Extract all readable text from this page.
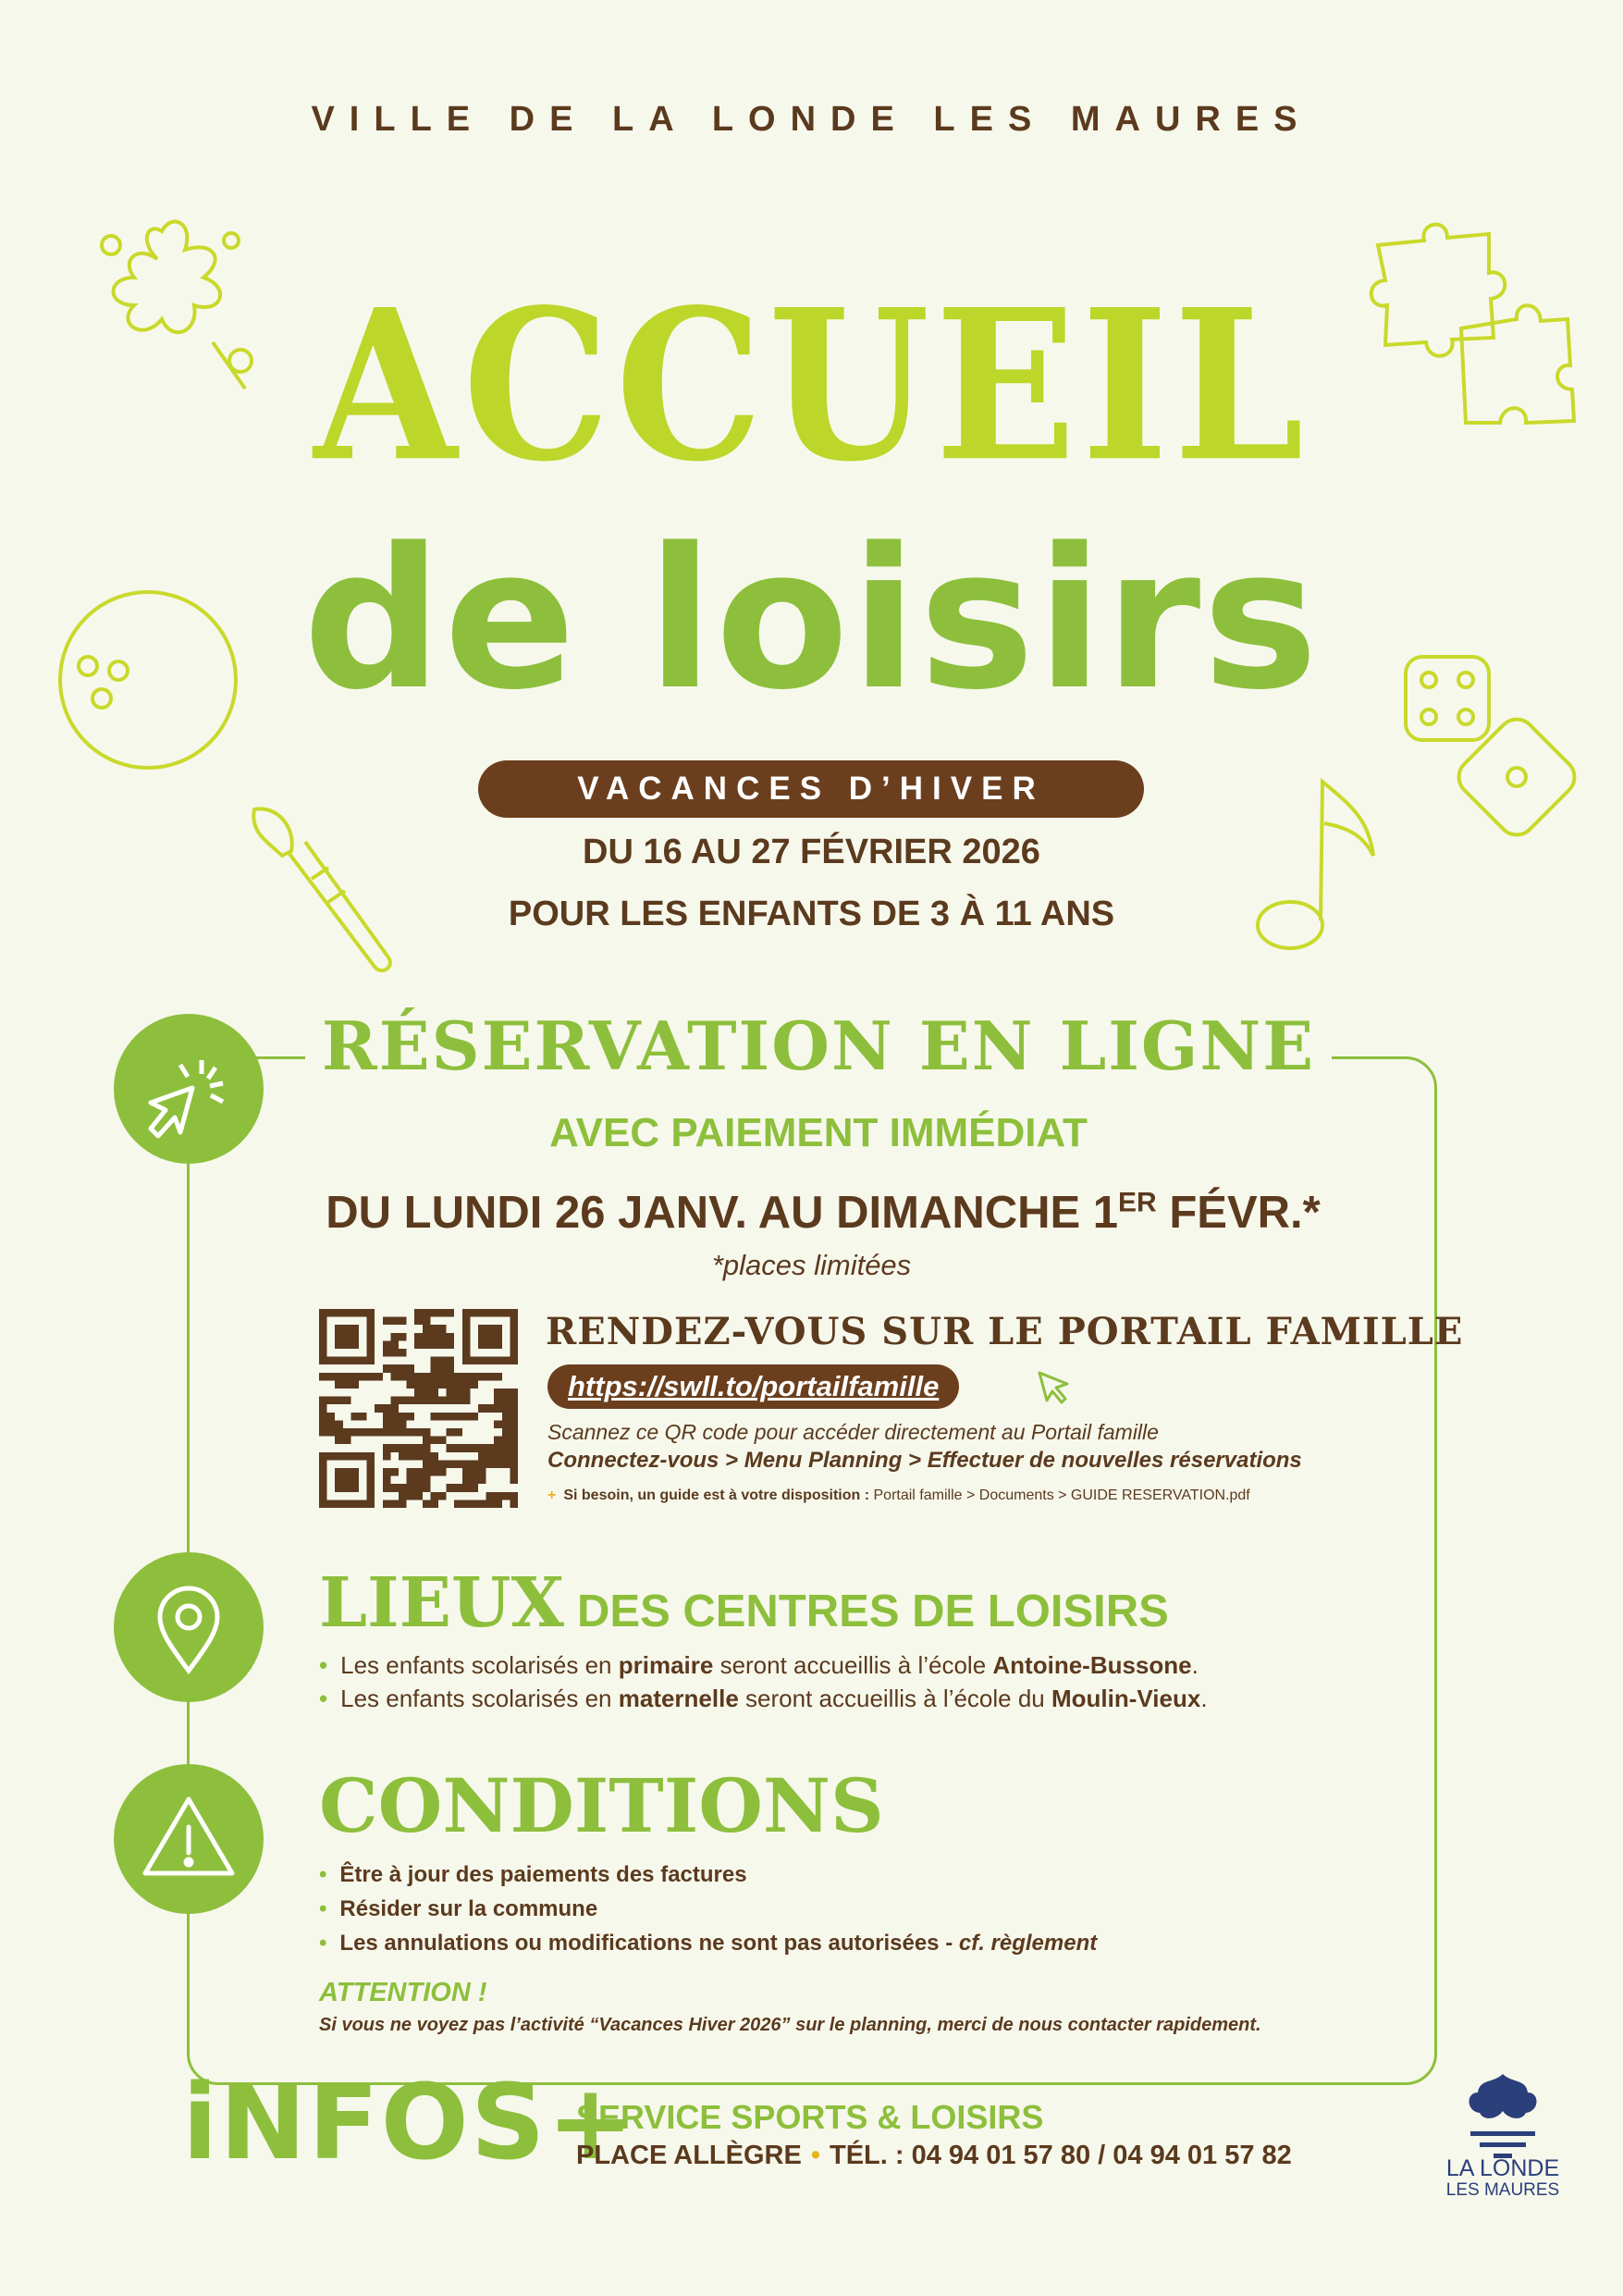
VILLE DE LA LONDE LES MAURES
ACCUEIL
de loisirs
VACANCES D’HIVER
DU 16 AU 27 FÉVRIER 2026
POUR LES ENFANTS DE 3 À 11 ANS
RÉSERVATION EN LIGNE
AVEC PAIEMENT IMMÉDIAT
DU LUNDI 26 JANV. AU DIMANCHE 1ER FÉVR.*
*places limitées
RENDEZ-VOUS SUR LE PORTAIL FAMILLE
https://swll.to/portailfamille
Scannez ce QR code pour accéder directement au Portail famille
Connectez-vous > Menu Planning > Effectuer de nouvelles réservations
+ Si besoin, un guide est à votre disposition : Portail famille > Documents > GUIDE RESERVATION.pdf
LIEUX DES CENTRES DE LOISIRS
• Les enfants scolarisés en primaire seront accueillis à l’école Antoine-Bussone.
• Les enfants scolarisés en maternelle seront accueillis à l’école du Moulin-Vieux.
CONDITIONS
• Être à jour des paiements des factures
• Résider sur la commune
• Les annulations ou modifications ne sont pas autorisées - cf. règlement
ATTENTION !
Si vous ne voyez pas l’activité “Vacances Hiver 2026” sur le planning, merci de nous contacter rapidement.
iNFOS+
SERVICE SPORTS & LOISIRS
PLACE ALLÈGRE • TÉL. : 04 94 01 57 80 / 04 94 01 57 82	LA LONDE
LES MAURES
